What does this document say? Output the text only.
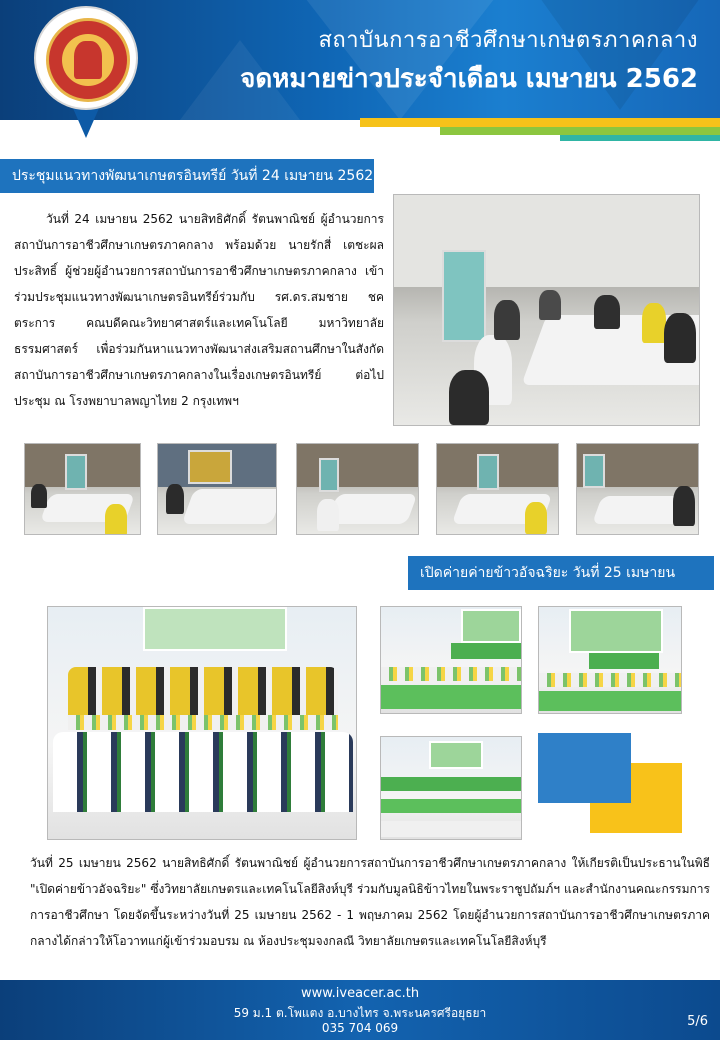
สถาบันการอาชีวศึกษาเกษตรภาคกลาง
จดหมายข่าวประจำเดือน เมษายน 2562
ประชุมแนวทางพัฒนาเกษตรอินทรีย์ วันที่ 24 เมษายน 2562

วันที่ 24 เมษายน 2562 นายสิทธิศักดิ์ รัตนพาณิชย์ ผู้อำนวยการสถาบันการอาชีวศึกษาเกษตรภาคกลาง พร้อมด้วย นายรักสี่ เตชะผลประสิทธิ์ ผู้ช่วยผู้อำนวยการสถาบันการอาชีวศึกษาเกษตรภาคกลาง เข้าร่วมประชุมแนวทางพัฒนาเกษตรอินทรีย์ร่วมกับ รศ.ดร.สมชาย ชคตระการ คณบดีคณะวิทยาศาสตร์และเทคโนโลยี มหาวิทยาลัยธรรมศาสตร์ เพื่อร่วมกันหาแนวทางพัฒนาส่งเสริมสถานศึกษาในสังกัดสถาบันการอาชีวศึกษาเกษตรภาคกลางในเรื่องเกษตรอินทรีย์ ต่อไป ประชุม ณ โรงพยาบาลพญาไทย 2 กรุงเทพฯ

เปิดค่ายค่ายข้าวอัจฉริยะ วันที่ 25 เมษายน

วันที่ 25 เมษายน 2562 นายสิทธิศักดิ์ รัตนพาณิชย์ ผู้อำนวยการสถาบันการอาชีวศึกษาเกษตรภาคกลาง ให้เกียรติเป็นประธานในพิธี "เปิดค่ายข้าวอัจฉริยะ" ซึ่งวิทยาลัยเกษตรและเทคโนโลยีสิงห์บุรี ร่วมกับมูลนิธิข้าวไทยในพระราชูปถัมภ์ฯ และสำนักงานคณะกรรมการการอาชีวศึกษา โดยจัดขึ้นระหว่างวันที่ 25 เมษายน 2562 - 1 พฤษภาคม 2562 โดยผู้อำนวยการสถาบันการอาชีวศึกษาเกษตรภาคกลางได้กล่าวให้โอวาทแก่ผู้เข้าร่วมอบรม ณ ห้องประชุมจงกลณี วิทยาลัยเกษตรและเทคโนโลยีสิงห์บุรี

www.iveacer.ac.th
59 ม.1 ต.โพแตง อ.บางไทร จ.พระนครศรีอยุธยา
035 704 069	5/6
